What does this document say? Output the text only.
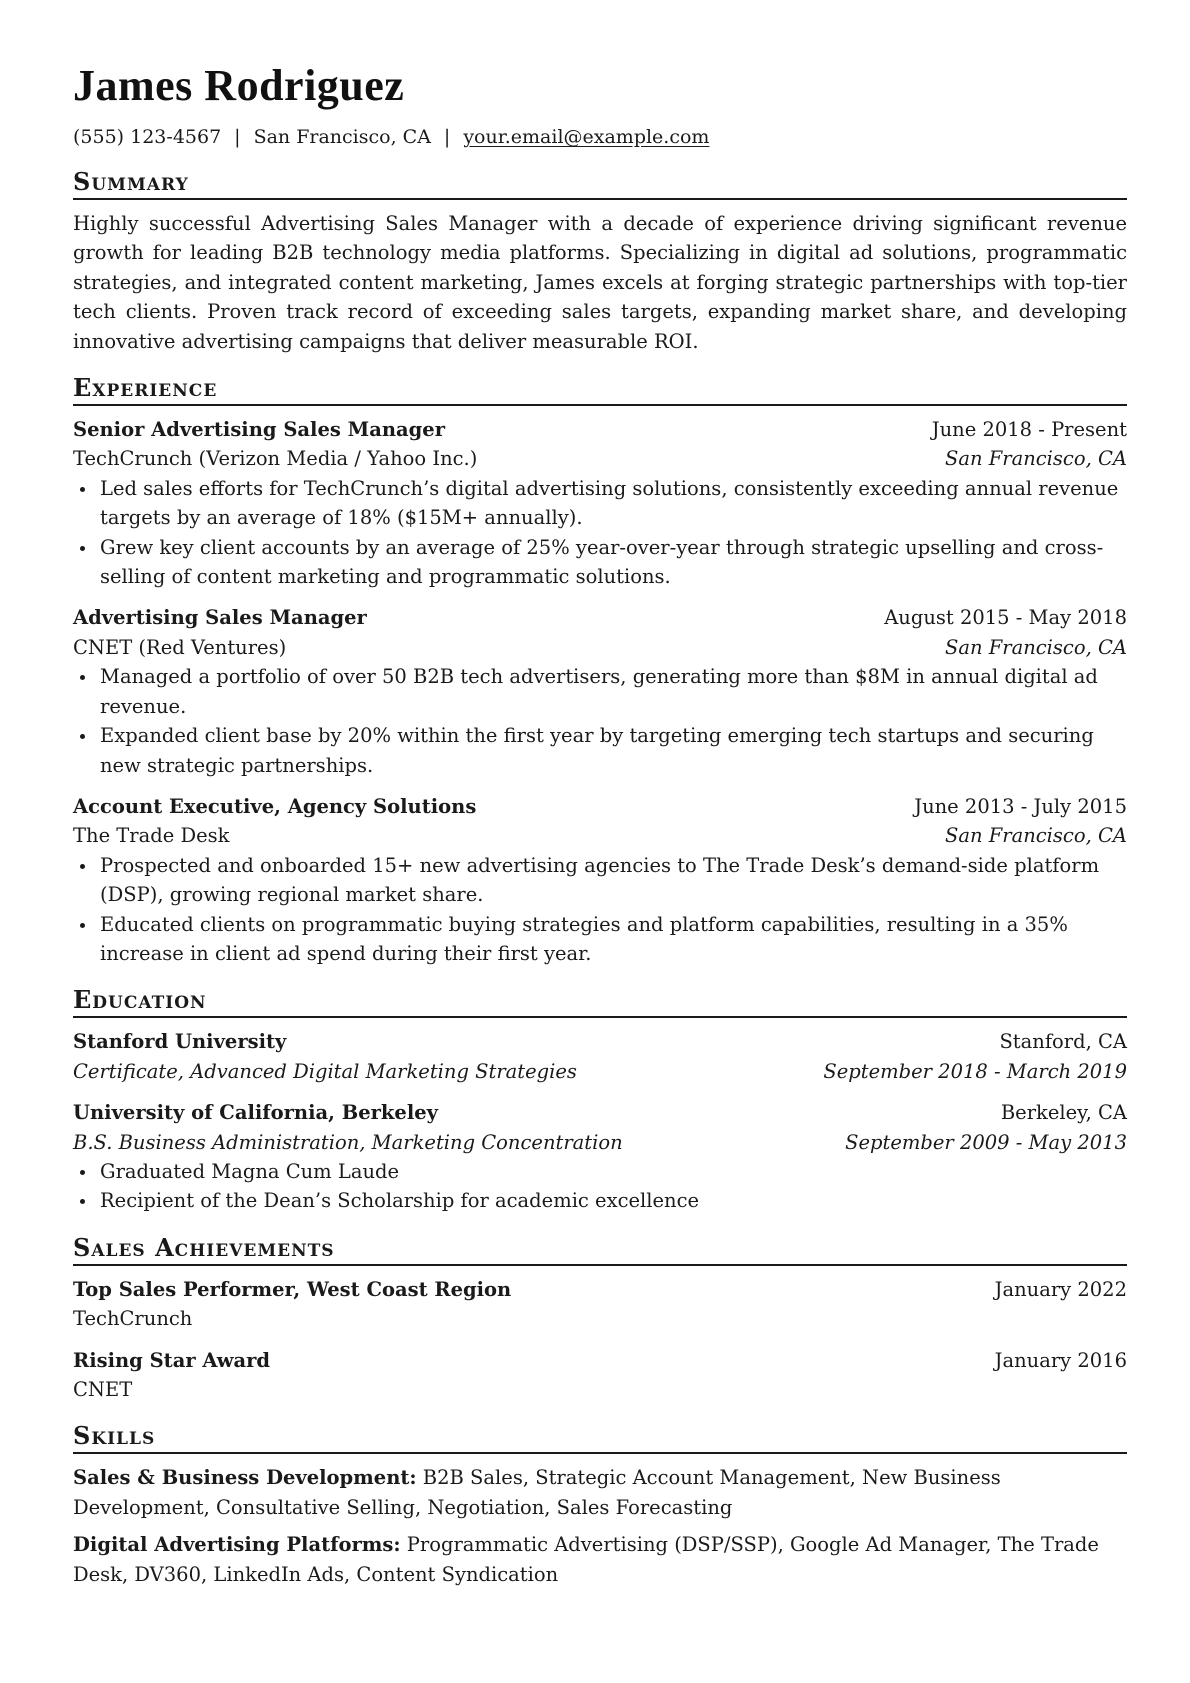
James Rodriguez
(555) 123-4567 | San Francisco, CA | your.email@example.com
Summary
Highly successful Advertising Sales Manager with a decade of experience driving significant revenue growth for leading B2B technology media platforms. Specializing in digital ad solutions, programmatic strategies, and integrated content marketing, James excels at forging strategic partnerships with top-tier tech clients. Proven track record of exceeding sales targets, expanding market share, and developing innovative advertising campaigns that deliver measurable ROI.
Experience
Senior Advertising Sales Manager	June 2018 - Present
TechCrunch (Verizon Media / Yahoo Inc.)	San Francisco, CA
Led sales efforts for TechCrunch’s digital advertising solutions, consistently exceeding annual revenue targets by an average of 18% ($15M+ annually).
Grew key client accounts by an average of 25% year-over-year through strategic upselling and cross-selling of content marketing and programmatic solutions.
Advertising Sales Manager	August 2015 - May 2018
CNET (Red Ventures)	San Francisco, CA
Managed a portfolio of over 50 B2B tech advertisers, generating more than $8M in annual digital ad revenue.
Expanded client base by 20% within the first year by targeting emerging tech startups and securing new strategic partnerships.
Account Executive, Agency Solutions	June 2013 - July 2015
The Trade Desk	San Francisco, CA
Prospected and onboarded 15+ new advertising agencies to The Trade Desk’s demand-side platform (DSP), growing regional market share.
Educated clients on programmatic buying strategies and platform capabilities, resulting in a 35% increase in client ad spend during their first year.
Education
Stanford University	Stanford, CA
Certificate, Advanced Digital Marketing Strategies	September 2018 - March 2019
University of California, Berkeley	Berkeley, CA
B.S. Business Administration, Marketing Concentration	September 2009 - May 2013
Graduated Magna Cum Laude
Recipient of the Dean’s Scholarship for academic excellence
Sales Achievements
Top Sales Performer, West Coast Region	January 2022
TechCrunch
Rising Star Award	January 2016
CNET
Skills
Sales & Business Development: B2B Sales, Strategic Account Management, New Business Development, Consultative Selling, Negotiation, Sales Forecasting
Digital Advertising Platforms: Programmatic Advertising (DSP/SSP), Google Ad Manager, The Trade Desk, DV360, LinkedIn Ads, Content Syndication
